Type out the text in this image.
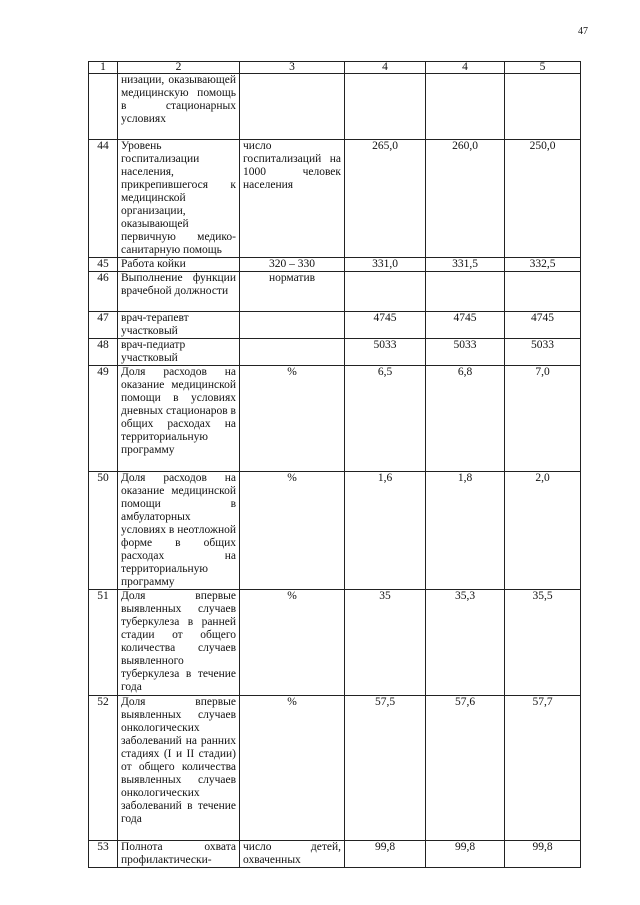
47
1	2	3	4	4	5
	низации, оказывающей медицинскую помощь в стационарных условиях				
44	Уровень госпитализации населения, прикрепившегося к медицинской организации, оказывающей первичную медико-санитарную помощь	число госпитализаций на 1000 человек населения	265,0	260,0	250,0
45	Работа койки	320 – 330	331,0	331,5	332,5
46	Выполнение функции врачебной должности	норматив			
47	врач-терапевт участковый		4745	4745	4745
48	врач-педиатр участковый		5033	5033	5033
49	Доля расходов на оказание медицинской помощи в условиях дневных стационаров в общих расходах на территориальную программу	%	6,5	6,8	7,0
50	Доля расходов на оказание медицинской помощи в амбулаторных условиях в неотложной форме в общих расходах на территориальную программу	%	1,6	1,8	2,0
51	Доля впервые выявленных случаев туберкулеза в ранней стадии от общего количества случаев выявленного туберкулеза в течение года	%	35	35,3	35,5
52	Доля впервые выявленных случаев онкологических заболеваний на ранних стадиях (I и II стадии) от общего количества выявленных случаев онкологических заболеваний в течение года	%	57,5	57,6	57,7
53	Полнота охвата профилактически-	число детей, охваченных	99,8	99,8	99,8
